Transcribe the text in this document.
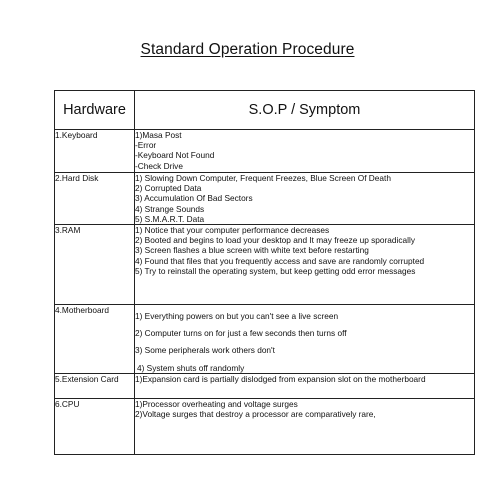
Standard Operation Procedure
Hardware	S.O.P / Symptom
1.Keyboard	1)Masa Post
-Error
-Keyboard Not Found
-Check Drive

2.Hard Disk	1) Slowing Down Computer, Frequent Freezes, Blue Screen Of Death
2) Corrupted Data
3) Accumulation Of Bad Sectors
4) Strange Sounds
5) S.M.A.R.T. Data

3.RAM	1) Notice that your computer performance decreases
2) Booted and begins to load your desktop and It may freeze up sporadically
3) Screen flashes a blue screen with white text before restarting
4) Found that files that you frequently access and save are randomly corrupted
5) Try to reinstall the operating system, but keep getting odd error messages

4.Motherboard	1) Everything powers on but you can't see a live screen
2) Computer turns on for just a few seconds then turns off
3) Some peripherals work others don't
4) System shuts off randomly

5.Extension Card	1)Expansion card is partially dislodged from expansion slot on the motherboard

6.CPU	1)Processor overheating and voltage surges
2)Voltage surges that destroy a processor are comparatively rare,
